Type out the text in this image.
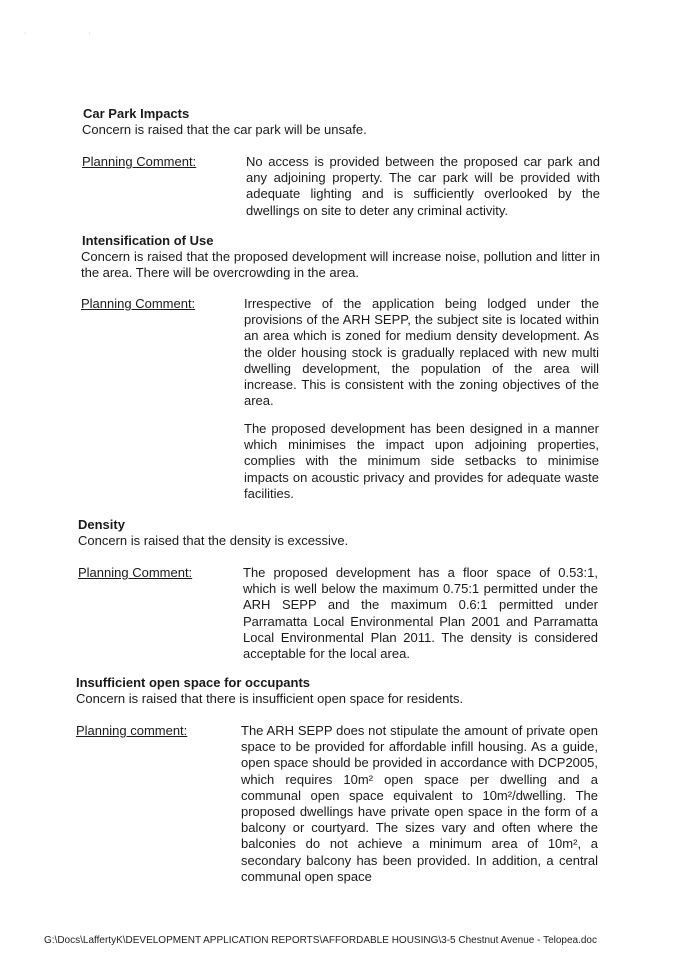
· ·
Car Park Impacts
Concern is raised that the car park will be unsafe.
Planning Comment:	No access is provided between the proposed car park and any adjoining property. The car park will be provided with adequate lighting and is sufficiently overlooked by the dwellings on site to deter any criminal activity.
Intensification of Use
Concern is raised that the proposed development will increase noise, pollution and litter in the area. There will be overcrowding in the area.
Planning Comment:	Irrespective of the application being lodged under the provisions of the ARH SEPP, the subject site is located within an area which is zoned for medium density development. As the older housing stock is gradually replaced with new multi dwelling development, the population of the area will increase. This is consistent with the zoning objectives of the area.
The proposed development has been designed in a manner which minimises the impact upon adjoining properties, complies with the minimum side setbacks to minimise impacts on acoustic privacy and provides for adequate waste facilities.
Density
Concern is raised that the density is excessive.
Planning Comment:	The proposed development has a floor space of 0.53:1, which is well below the maximum 0.75:1 permitted under the ARH SEPP and the maximum 0.6:1 permitted under Parramatta Local Environmental Plan 2001 and Parramatta Local Environmental Plan 2011. The density is considered acceptable for the local area.
Insufficient open space for occupants
Concern is raised that there is insufficient open space for residents.
Planning comment:	The ARH SEPP does not stipulate the amount of private open space to be provided for affordable infill housing. As a guide, open space should be provided in accordance with DCP2005, which requires 10m² open space per dwelling and a communal open space equivalent to 10m²/dwelling. The proposed dwellings have private open space in the form of a balcony or courtyard. The sizes vary and often where the balconies do not achieve a minimum area of 10m², a secondary balcony has been provided. In addition, a central communal open space
G:\Docs\LaffertyK\DEVELOPMENT APPLICATION REPORTS\AFFORDABLE HOUSING\3-5 Chestnut Avenue - Telopea.doc
